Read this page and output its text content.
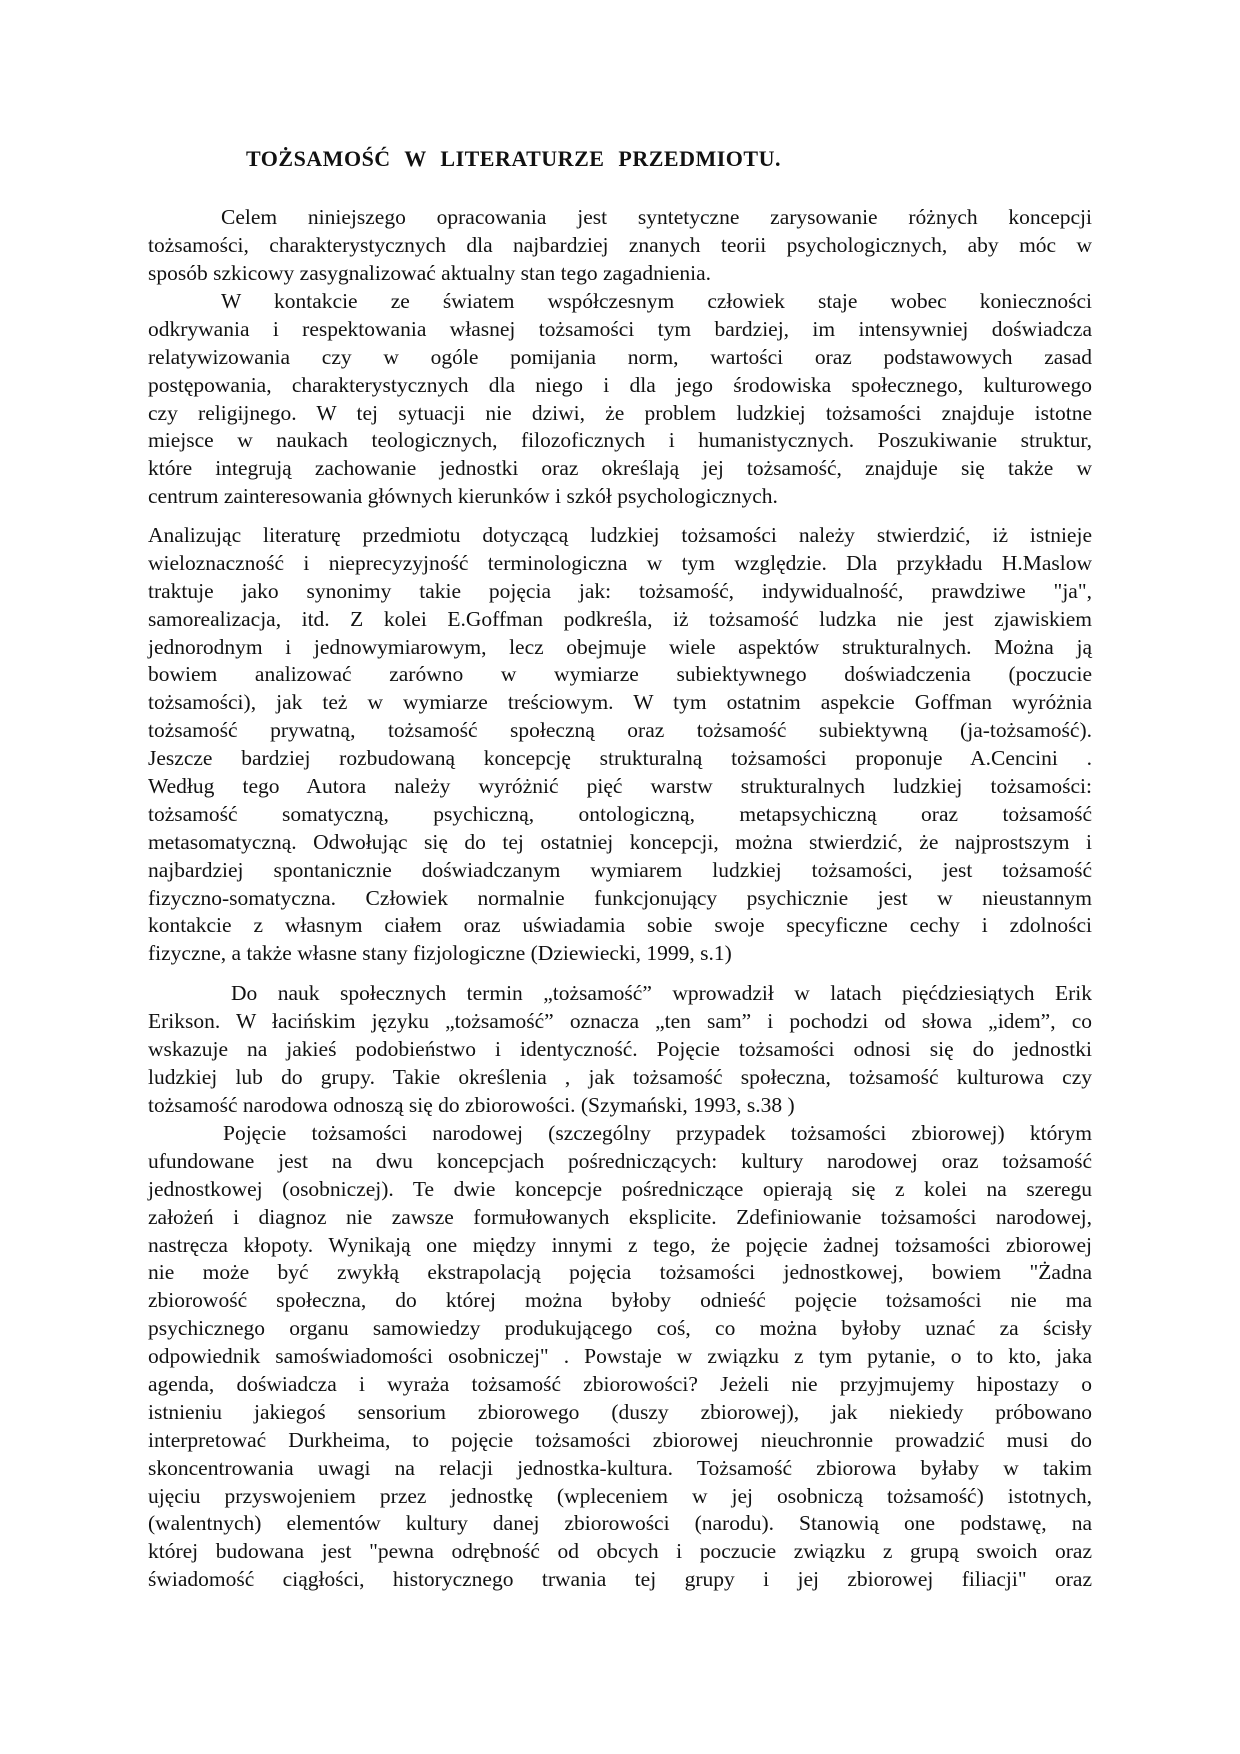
TOŻSAMOŚĆ W LITERATURZE PRZEDMIOTU.
Celem niniejszego opracowania jest syntetyczne zarysowanie różnych koncepcji
tożsamości, charakterystycznych dla najbardziej znanych teorii psychologicznych, aby móc w
sposób szkicowy zasygnalizować aktualny stan tego zagadnienia.
W kontakcie ze światem współczesnym człowiek staje wobec konieczności
odkrywania i respektowania własnej tożsamości tym bardziej, im intensywniej doświadcza
relatywizowania czy w ogóle pomijania norm, wartości oraz podstawowych zasad
postępowania, charakterystycznych dla niego i dla jego środowiska społecznego, kulturowego
czy religijnego. W tej sytuacji nie dziwi, że problem ludzkiej tożsamości znajduje istotne
miejsce w naukach teologicznych, filozoficznych i humanistycznych. Poszukiwanie struktur,
które integrują zachowanie jednostki oraz określają jej tożsamość, znajduje się także w
centrum zainteresowania głównych kierunków i szkół psychologicznych.
Analizując literaturę przedmiotu dotyczącą ludzkiej tożsamości należy stwierdzić, iż istnieje
wieloznaczność i nieprecyzyjność terminologiczna w tym względzie. Dla przykładu H.Maslow
traktuje jako synonimy takie pojęcia jak: tożsamość, indywidualność, prawdziwe "ja",
samorealizacja, itd. Z kolei E.Goffman podkreśla, iż tożsamość ludzka nie jest zjawiskiem
jednorodnym i jednowymiarowym, lecz obejmuje wiele aspektów strukturalnych. Można ją
bowiem analizować zarówno w wymiarze subiektywnego doświadczenia (poczucie
tożsamości), jak też w wymiarze treściowym. W tym ostatnim aspekcie Goffman wyróżnia
tożsamość prywatną, tożsamość społeczną oraz tożsamość subiektywną (ja-tożsamość).
Jeszcze bardziej rozbudowaną koncepcję strukturalną tożsamości proponuje A.Cencini .
Według tego Autora należy wyróżnić pięć warstw strukturalnych ludzkiej tożsamości:
tożsamość somatyczną, psychiczną, ontologiczną, metapsychiczną oraz tożsamość
metasomatyczną. Odwołując się do tej ostatniej koncepcji, można stwierdzić, że najprostszym i
najbardziej spontanicznie doświadczanym wymiarem ludzkiej tożsamości, jest tożsamość
fizyczno-somatyczna. Człowiek normalnie funkcjonujący psychicznie jest w nieustannym
kontakcie z własnym ciałem oraz uświadamia sobie swoje specyficzne cechy i zdolności
fizyczne, a także własne stany fizjologiczne (Dziewiecki, 1999, s.1)
Do nauk społecznych termin „tożsamość” wprowadził w latach pięćdziesiątych Erik
Erikson. W łacińskim języku „tożsamość” oznacza „ten sam” i pochodzi od słowa „idem”, co
wskazuje na jakieś podobieństwo i identyczność. Pojęcie tożsamości odnosi się do jednostki
ludzkiej lub do grupy. Takie określenia , jak tożsamość społeczna, tożsamość kulturowa czy
tożsamość narodowa odnoszą się do zbiorowości. (Szymański, 1993, s.38 )
Pojęcie tożsamości narodowej (szczególny przypadek tożsamości zbiorowej) którym
ufundowane jest na dwu koncepcjach pośredniczących: kultury narodowej oraz tożsamość
jednostkowej (osobniczej). Te dwie koncepcje pośredniczące opierają się z kolei na szeregu
założeń i diagnoz nie zawsze formułowanych eksplicite. Zdefiniowanie tożsamości narodowej,
nastręcza kłopoty. Wynikają one między innymi z tego, że pojęcie żadnej tożsamości zbiorowej
nie może być zwykłą ekstrapolacją pojęcia tożsamości jednostkowej, bowiem "Żadna
zbiorowość społeczna, do której można byłoby odnieść pojęcie tożsamości nie ma
psychicznego organu samowiedzy produkującego coś, co można byłoby uznać za ścisły
odpowiednik samoświadomości osobniczej" . Powstaje w związku z tym pytanie, o to kto, jaka
agenda, doświadcza i wyraża tożsamość zbiorowości? Jeżeli nie przyjmujemy hipostazy o
istnieniu jakiegoś sensorium zbiorowego (duszy zbiorowej), jak niekiedy próbowano
interpretować Durkheima, to pojęcie tożsamości zbiorowej nieuchronnie prowadzić musi do
skoncentrowania uwagi na relacji jednostka-kultura. Tożsamość zbiorowa byłaby w takim
ujęciu przyswojeniem przez jednostkę (wpleceniem w jej osobniczą tożsamość) istotnych,
(walentnych) elementów kultury danej zbiorowości (narodu). Stanowią one podstawę, na
której budowana jest "pewna odrębność od obcych i poczucie związku z grupą swoich oraz
świadomość ciągłości, historycznego trwania tej grupy i jej zbiorowej filiacji" oraz
